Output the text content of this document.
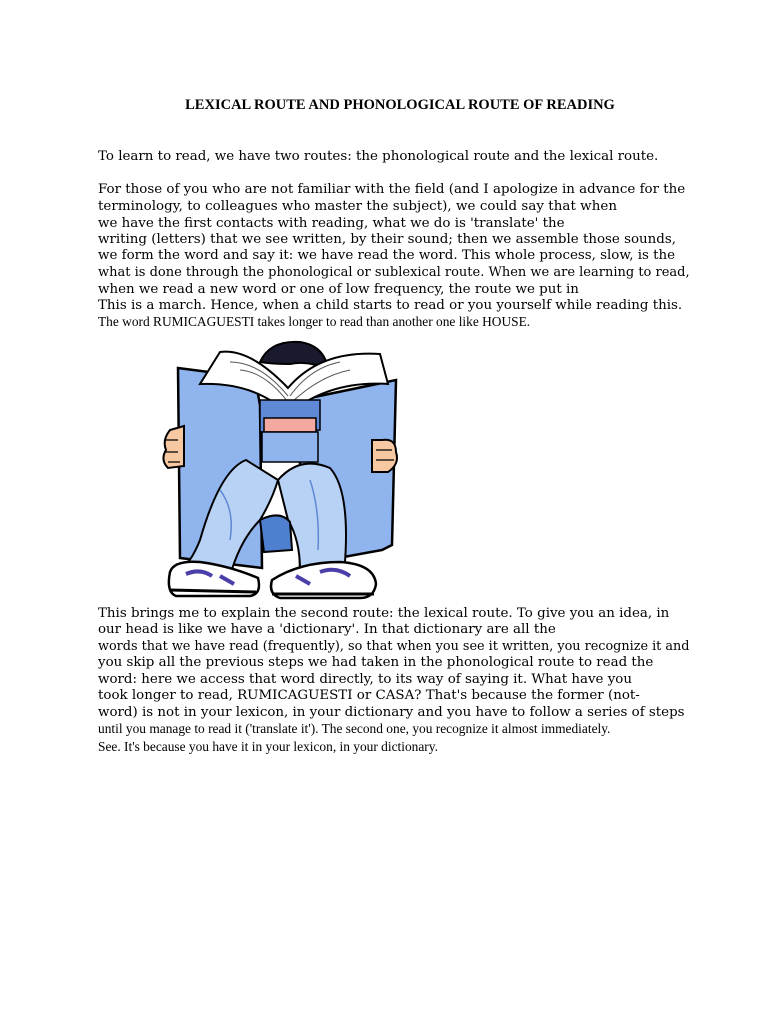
LEXICAL ROUTE AND PHONOLOGICAL ROUTE OF READING

To learn to read, we have two routes: the phonological route and the lexical route.

For those of you who are not familiar with the field (and I apologize in advance for the

terminology, to colleagues who master the subject), we could say that when

we have the first contacts with reading, what we do is 'translate' the

writing (letters) that we see written, by their sound; then we assemble those sounds,

we form the word and say it: we have read the word. This whole process, slow, is the

what is done through the phonological or sublexical route. When we are learning to read,

when we read a new word or one of low frequency, the route we put in

This is a march. Hence, when a child starts to read or you yourself while reading this.

The word RUMICAGUESTI takes longer to read than another one like HOUSE.

This brings me to explain the second route: the lexical route. To give you an idea, in

our head is like we have a 'dictionary'. In that dictionary are all the

words that we have read (frequently), so that when you see it written, you recognize it and

you skip all the previous steps we had taken in the phonological route to read the

word: here we access that word directly, to its way of saying it. What have you

took longer to read, RUMICAGUESTI or CASA? That's because the former (not-

word) is not in your lexicon, in your dictionary and you have to follow a series of steps

until you manage to read it ('translate it'). The second one, you recognize it almost immediately.

See. It's because you have it in your lexicon, in your dictionary.
